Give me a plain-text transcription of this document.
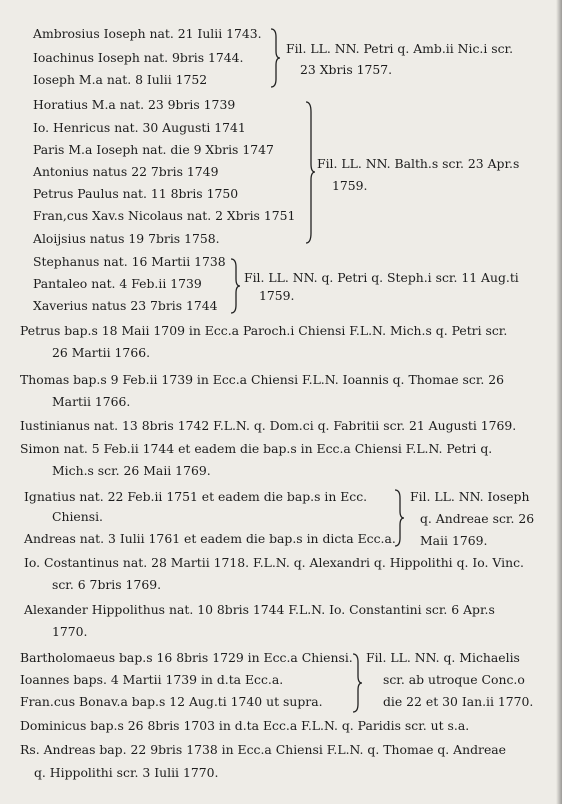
Ambrosius Ioseph nat. 21 Iulii 1743.
Ioachinus Ioseph nat. 9bris 1744.
Ioseph M.a nat. 8 Iulii 1752
Fil. LL. NN. Petri q. Amb.ii Nic.i scr.
23 Xbris 1757.
Horatius M.a nat. 23 9bris 1739
Io. Henricus nat. 30 Augusti 1741
Paris M.a Ioseph nat. die 9 Xbris 1747
Antonius natus 22 7bris 1749
Petrus Paulus nat. 11 8bris 1750
Fran,cus Xav.s Nicolaus nat. 2 Xbris 1751
Aloijsius natus 19 7bris 1758.
Fil. LL. NN. Balth.s scr. 23 Apr.s
1759.
Stephanus nat. 16 Martii 1738
Pantaleo nat. 4 Feb.ii 1739
Xaverius natus 23 7bris 1744
Fil. LL. NN. q. Petri q. Steph.i scr. 11 Aug.ti
1759.
Petrus bap.s 18 Maii 1709 in Ecc.a Paroch.i Chiensi F.L.N. Mich.s q. Petri scr.
26 Martii 1766.
Thomas bap.s 9 Feb.ii 1739 in Ecc.a Chiensi F.L.N. Ioannis q. Thomae scr. 26
Martii 1766.
Iustinianus nat. 13 8bris 1742 F.L.N. q. Dom.ci q. Fabritii scr. 21 Augusti 1769.
Simon nat. 5 Feb.ii 1744 et eadem die bap.s in Ecc.a Chiensi F.L.N. Petri q.
Mich.s scr. 26 Maii 1769.
Ignatius nat. 22 Feb.ii 1751 et eadem die bap.s in Ecc.
Chiensi.
Andreas nat. 3 Iulii 1761 et eadem die bap.s in dicta Ecc.a.
Fil. LL. NN. Ioseph
q. Andreae scr. 26
Maii 1769.
Io. Costantinus nat. 28 Martii 1718. F.L.N. q. Alexandri q. Hippolithi q. Io. Vinc.
scr. 6 7bris 1769.
Alexander Hippolithus nat. 10 8bris 1744 F.L.N. Io. Constantini scr. 6 Apr.s
1770.
Bartholomaeus bap.s 16 8bris 1729 in Ecc.a Chiensi.
Ioannes baps. 4 Martii 1739 in d.ta Ecc.a.
Fran.cus Bonav.a bap.s 12 Aug.ti 1740 ut supra.
Fil. LL. NN. q. Michaelis
scr. ab utroque Conc.o
die 22 et 30 Ian.ii 1770.
Dominicus bap.s 26 8bris 1703 in d.ta Ecc.a F.L.N. q. Paridis scr. ut s.a.
Rs. Andreas bap. 22 9bris 1738 in Ecc.a Chiensi F.L.N. q. Thomae q. Andreae
q. Hippolithi scr. 3 Iulii 1770.
